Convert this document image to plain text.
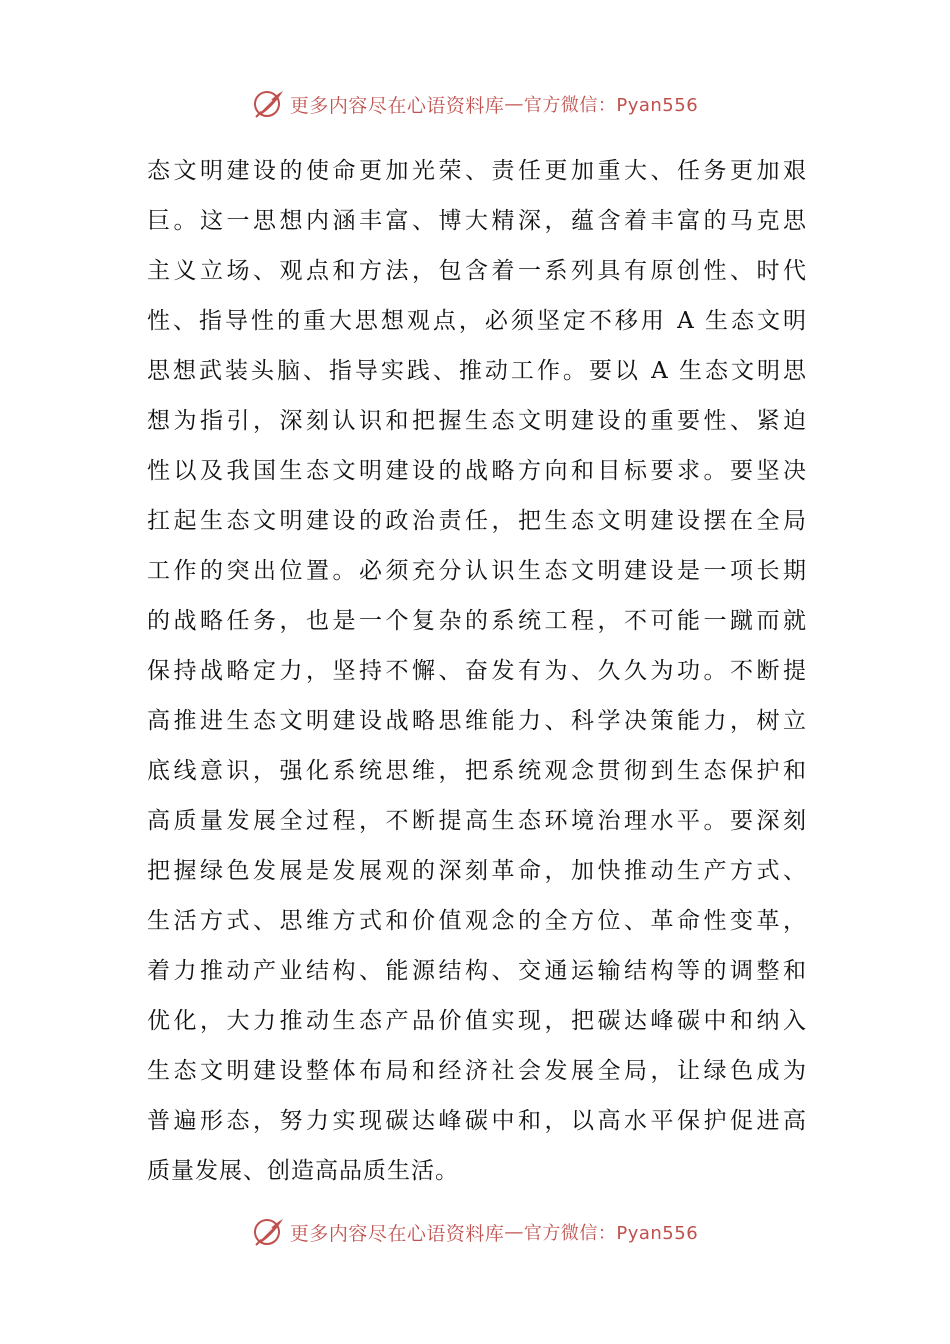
更多内容尽在心语资料库 — 官方微信：Pyan556
态文明建设的使命更加光荣、责任更加重大、任务更加艰
巨。这一思想内涵丰富、博大精深，蕴含着丰富的马克思
主义立场、观点和方法，包含着一系列具有原创性、时代
性、指导性的重大思想观点，必须坚定不移用 A 生态文明
思想武装头脑、指导实践、推动工作。要以 A 生态文明思
想为指引，深刻认识和把握生态文明建设的重要性、紧迫
性以及我国生态文明建设的战略方向和目标要求。要坚决
扛起生态文明建设的政治责任，把生态文明建设摆在全局
工作的突出位置。必须充分认识生态文明建设是一项长期
的战略任务，也是一个复杂的系统工程，不可能一蹴而就
保持战略定力，坚持不懈、奋发有为、久久为功。不断提
高推进生态文明建设战略思维能力、科学决策能力，树立
底线意识，强化系统思维，把系统观念贯彻到生态保护和
高质量发展全过程，不断提高生态环境治理水平。要深刻
把握绿色发展是发展观的深刻革命，加快推动生产方式、
生活方式、思维方式和价值观念的全方位、革命性变革，
着力推动产业结构、能源结构、交通运输结构等的调整和
优化，大力推动生态产品价值实现，把碳达峰碳中和纳入
生态文明建设整体布局和经济社会发展全局，让绿色成为
普遍形态，努力实现碳达峰碳中和，以高水平保护促进高
质量发展、创造高品质生活。
更多内容尽在心语资料库 — 官方微信：Pyan556
